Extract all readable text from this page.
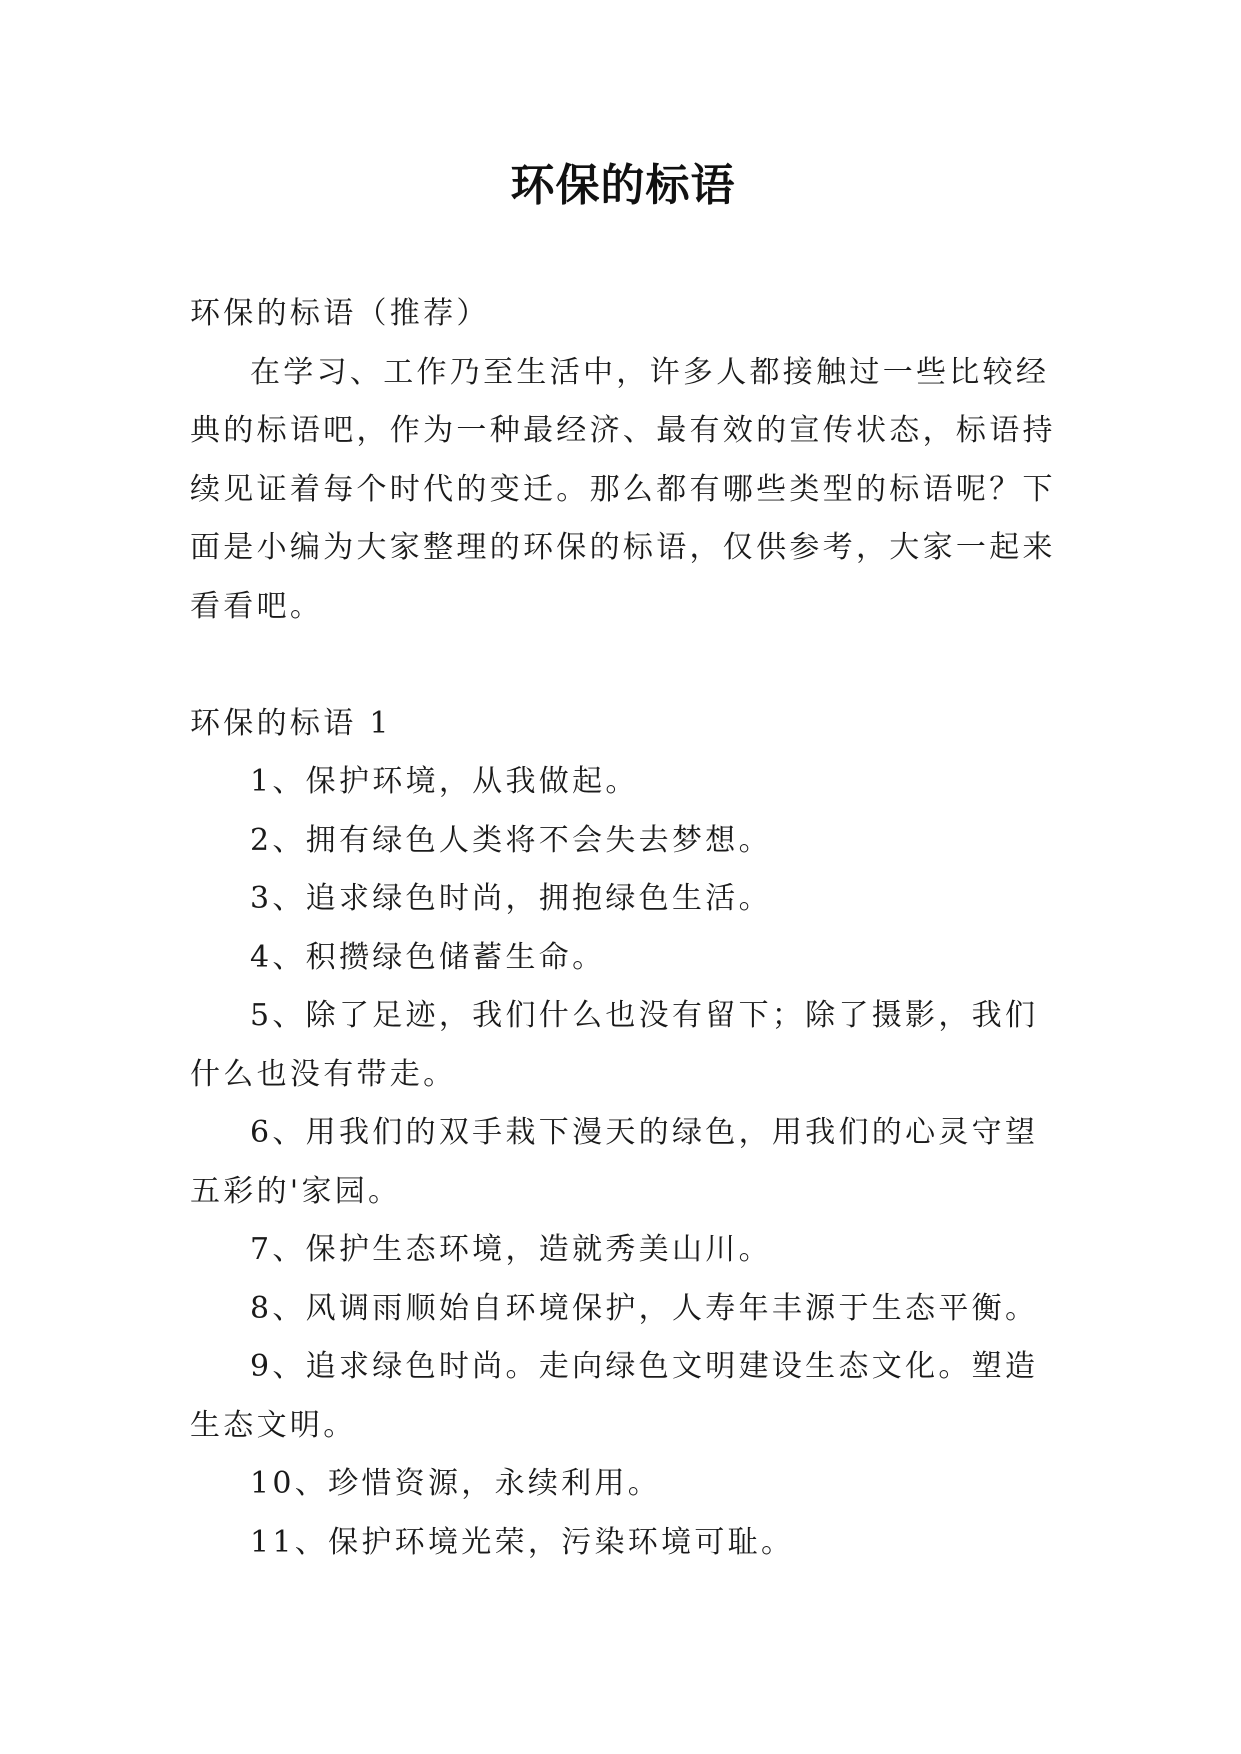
环保的标语

环保的标语（推荐）

在学习、工作乃至生活中，许多人都接触过一些比较经典的标语吧，作为一种最经济、最有效的宣传状态，标语持续见证着每个时代的变迁。那么都有哪些类型的标语呢？下面是小编为大家整理的环保的标语，仅供参考，大家一起来看看吧。

环保的标语 1

1、保护环境，从我做起。

2、拥有绿色人类将不会失去梦想。

3、追求绿色时尚，拥抱绿色生活。

4、积攒绿色储蓄生命。

5、除了足迹，我们什么也没有留下；除了摄影，我们什么也没有带走。

6、用我们的双手栽下漫天的绿色，用我们的心灵守望五彩的'家园。

7、保护生态环境，造就秀美山川。

8、风调雨顺始自环境保护，人寿年丰源于生态平衡。

9、追求绿色时尚。走向绿色文明建设生态文化。塑造生态文明。

10、珍惜资源，永续利用。

11、保护环境光荣，污染环境可耻。
